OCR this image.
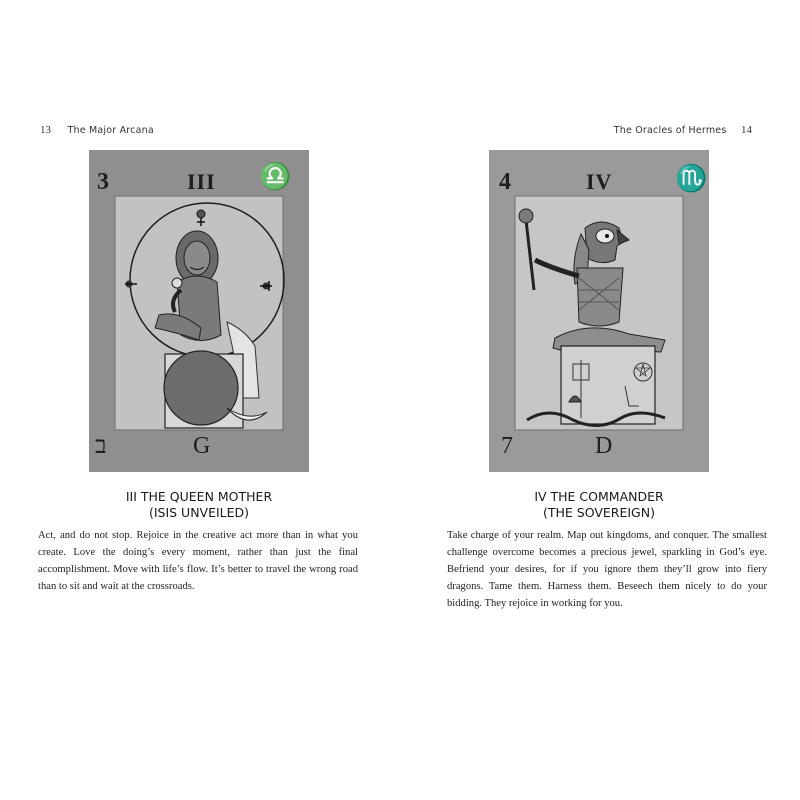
13 The Major Arcana	The Oracles of Hermes 14
3	III ♎
ב	G
4	IV ♏
7	D
III THE QUEEN MOTHER
(ISIS UNVEILED)
IV THE COMMANDER
(THE SOVEREIGN)
Act, and do not stop. Rejoice in the creative act more than in what you create. Love the doing’s every moment, rather than just the final accomplishment. Move with life’s flow. It’s better to travel the wrong road than to sit and wait at the crossroads.
Take charge of your realm. Map out kingdoms, and conquer. The smallest challenge overcome becomes a precious jewel, sparkling in God’s eye. Befriend your desires, for if you ignore them they’ll grow into fiery dragons. Tame them. Harness them. Beseech them nicely to do your bidding. They rejoice in working for you.
